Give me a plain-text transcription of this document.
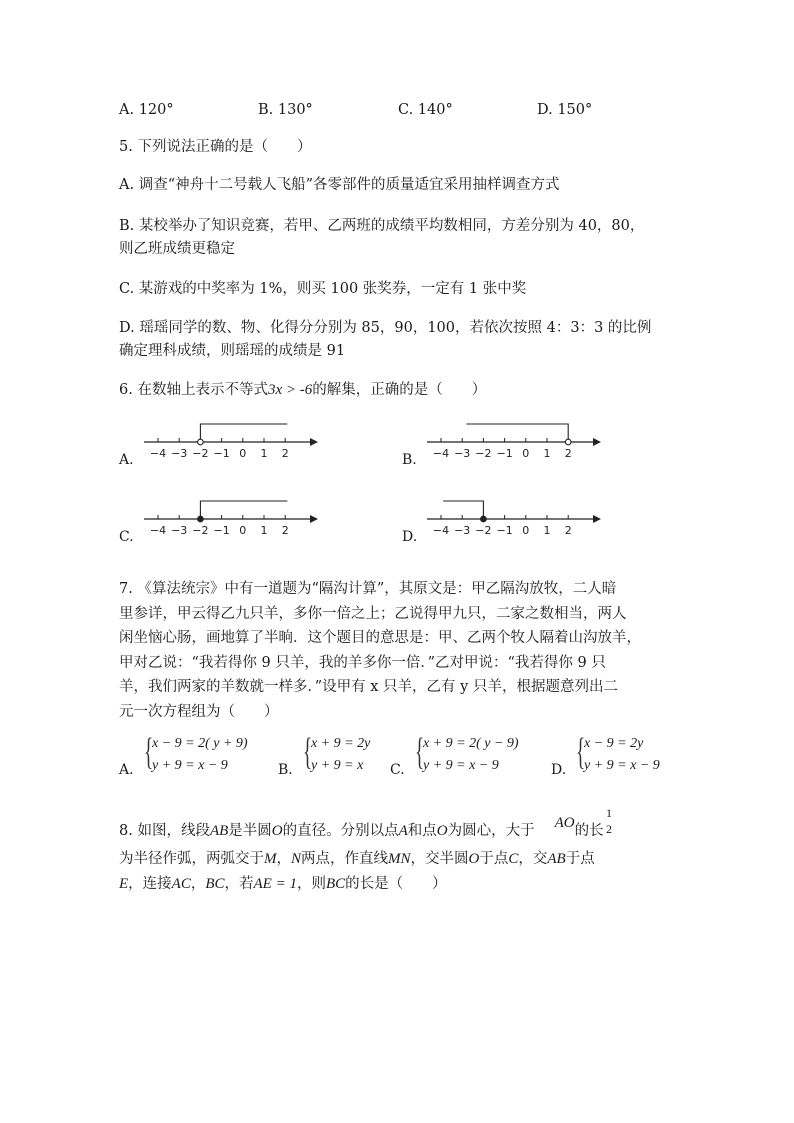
A. 120°	B. 130°	C. 140°	D. 150°
5. 下列说法正确的是（　　）
A. 调查“神舟十二号载人飞船”各零部件的质量适宜采用抽样调查方式
B. 某校举办了知识竞赛，若甲、乙两班的成绩平均数相同，方差分别为 40，80，
则乙班成绩更稳定
C. 某游戏的中奖率为 1%，则买 100 张奖券，一定有 1 张中奖
D. 瑶瑶同学的数、物、化得分分别为 85，90，100，若依次按照 4：3：3 的比例
确定理科成绩，则瑶瑶的成绩是 91
6. 在数轴上表示不等式3x > -6的解集，正确的是（　　）
A. −4 −3 −2 −1 0 1 2	B. −4 −3 −2 −1 0 1 2
C. −4 −3 −2 −1 0 1 2	D. −4 −3 −2 −1 0 1 2
7. 《算法统宗》中有一道题为“隔沟计算”，其原文是：甲乙隔沟放牧，二人暗
里参详，甲云得乙九只羊，多你一倍之上；乙说得甲九只，二家之数相当，两人
闲坐恼心肠，画地算了半晌．这个题目的意思是：甲、乙两个牧人隔着山沟放羊，
甲对乙说：“我若得你 9 只羊，我的羊多你一倍．”乙对甲说：“我若得你 9 只
羊，我们两家的羊数就一样多．”设甲有 x 只羊，乙有 y 只羊，根据题意列出二
元一次方程组为（　　）
A. {
x − 9 = 2( y + 9)
y + 9 = x − 9	B. {
x + 9 = 2y
y + 9 = x C. {
x + 9 = 2( y − 9)
y + 9 = x − 9	D. {
x − 9 = 2y
y + 9 = x − 9
8. 如图，线段AB是半圆O的直径。分别以点A和点O为圆心，大于 AO的长
1
2
为半径作弧，两弧交于M，N两点，作直线MN，交半圆O于点C，交AB于点
E，连接AC，BC，若AE = 1，则BC的长是（　　）
